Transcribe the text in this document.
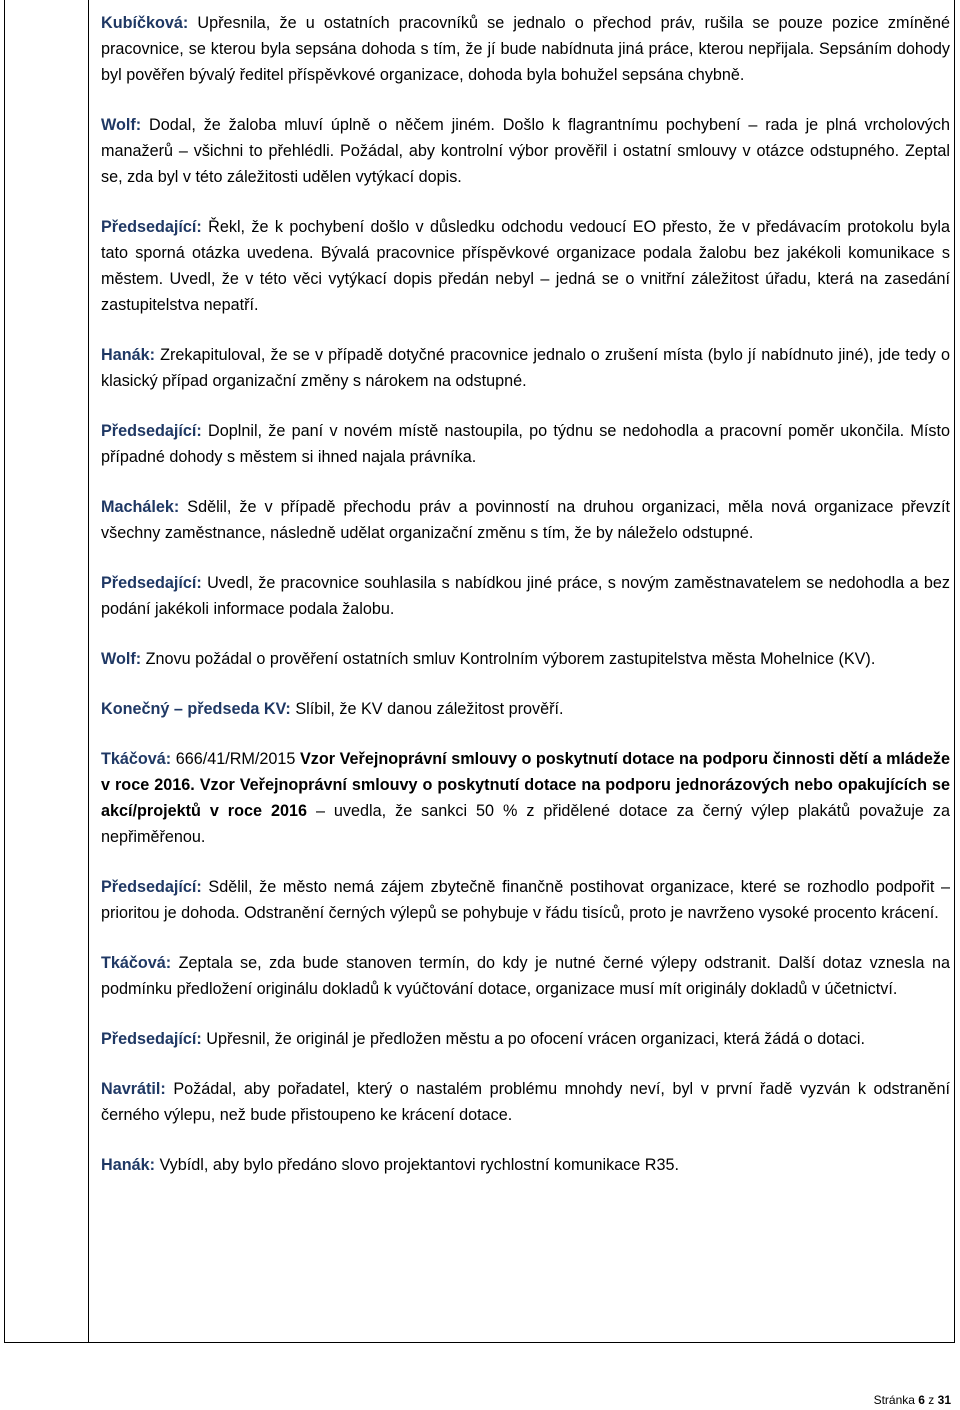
Kubíčková: Upřesnila, že u ostatních pracovníků se jednalo o přechod práv, rušila se pouze pozice zmíněné pracovnice, se kterou byla sepsána dohoda s tím, že jí bude nabídnuta jiná práce, kterou nepřijala. Sepsáním dohody byl pověřen bývalý ředitel příspěvkové organizace, dohoda byla bohužel sepsána chybně.

Wolf: Dodal, že žaloba mluví úplně o něčem jiném. Došlo k flagrantnímu pochybení – rada je plná vrcholových manažerů – všichni to přehlédli. Požádal, aby kontrolní výbor prověřil i ostatní smlouvy v otázce odstupného. Zeptal se, zda byl v této záležitosti udělen vytýkací dopis.

Předsedající: Řekl, že k pochybení došlo v důsledku odchodu vedoucí EO přesto, že v předávacím protokolu byla tato sporná otázka uvedena. Bývalá pracovnice příspěvkové organizace podala žalobu bez jakékoli komunikace s městem. Uvedl, že v této věci vytýkací dopis předán nebyl – jedná se o vnitřní záležitost úřadu, která na zasedání zastupitelstva nepatří.

Hanák: Zrekapituloval, že se v případě dotyčné pracovnice jednalo o zrušení místa (bylo jí nabídnuto jiné), jde tedy o klasický případ organizační změny s nárokem na odstupné.

Předsedající: Doplnil, že paní v novém místě nastoupila, po týdnu se nedohodla a pracovní poměr ukončila. Místo případné dohody s městem si ihned najala právníka.

Machálek: Sdělil, že v případě přechodu práv a povinností na druhou organizaci, měla nová organizace převzít všechny zaměstnance, následně udělat organizační změnu s tím, že by náleželo odstupné.

Předsedající: Uvedl, že pracovnice souhlasila s nabídkou jiné práce, s novým zaměstnavatelem se nedohodla a bez podání jakékoli informace podala žalobu.

Wolf: Znovu požádal o prověření ostatních smluv Kontrolním výborem zastupitelstva města Mohelnice (KV).

Konečný – předseda KV: Slíbil, že KV danou záležitost prověří.

Tkáčová: 666/41/RM/2015 Vzor Veřejnoprávní smlouvy o poskytnutí dotace na podporu činnosti dětí a mládeže v roce 2016. Vzor Veřejnoprávní smlouvy o poskytnutí dotace na podporu jednorázových nebo opakujících se akcí/projektů v roce 2016 – uvedla, že sankci 50 % z přidělené dotace za černý výlep plakátů považuje za nepřiměřenou.

Předsedající: Sdělil, že město nemá zájem zbytečně finančně postihovat organizace, které se rozhodlo podpořit – prioritou je dohoda. Odstranění černých výlepů se pohybuje v řádu tisíců, proto je navrženo vysoké procento krácení.

Tkáčová: Zeptala se, zda bude stanoven termín, do kdy je nutné černé výlepy odstranit. Další dotaz vznesla na podmínku předložení originálu dokladů k vyúčtování dotace, organizace musí mít originály dokladů v účetnictví.

Předsedající: Upřesnil, že originál je předložen městu a po ofocení vrácen organizaci, která žádá o dotaci.

Navrátil: Požádal, aby pořadatel, který o nastalém problému mnohdy neví, byl v první řadě vyzván k odstranění černého výlepu, než bude přistoupeno ke krácení dotace.

Hanák: Vybídl, aby bylo předáno slovo projektantovi rychlostní komunikace R35.

Stránka 6 z 31
